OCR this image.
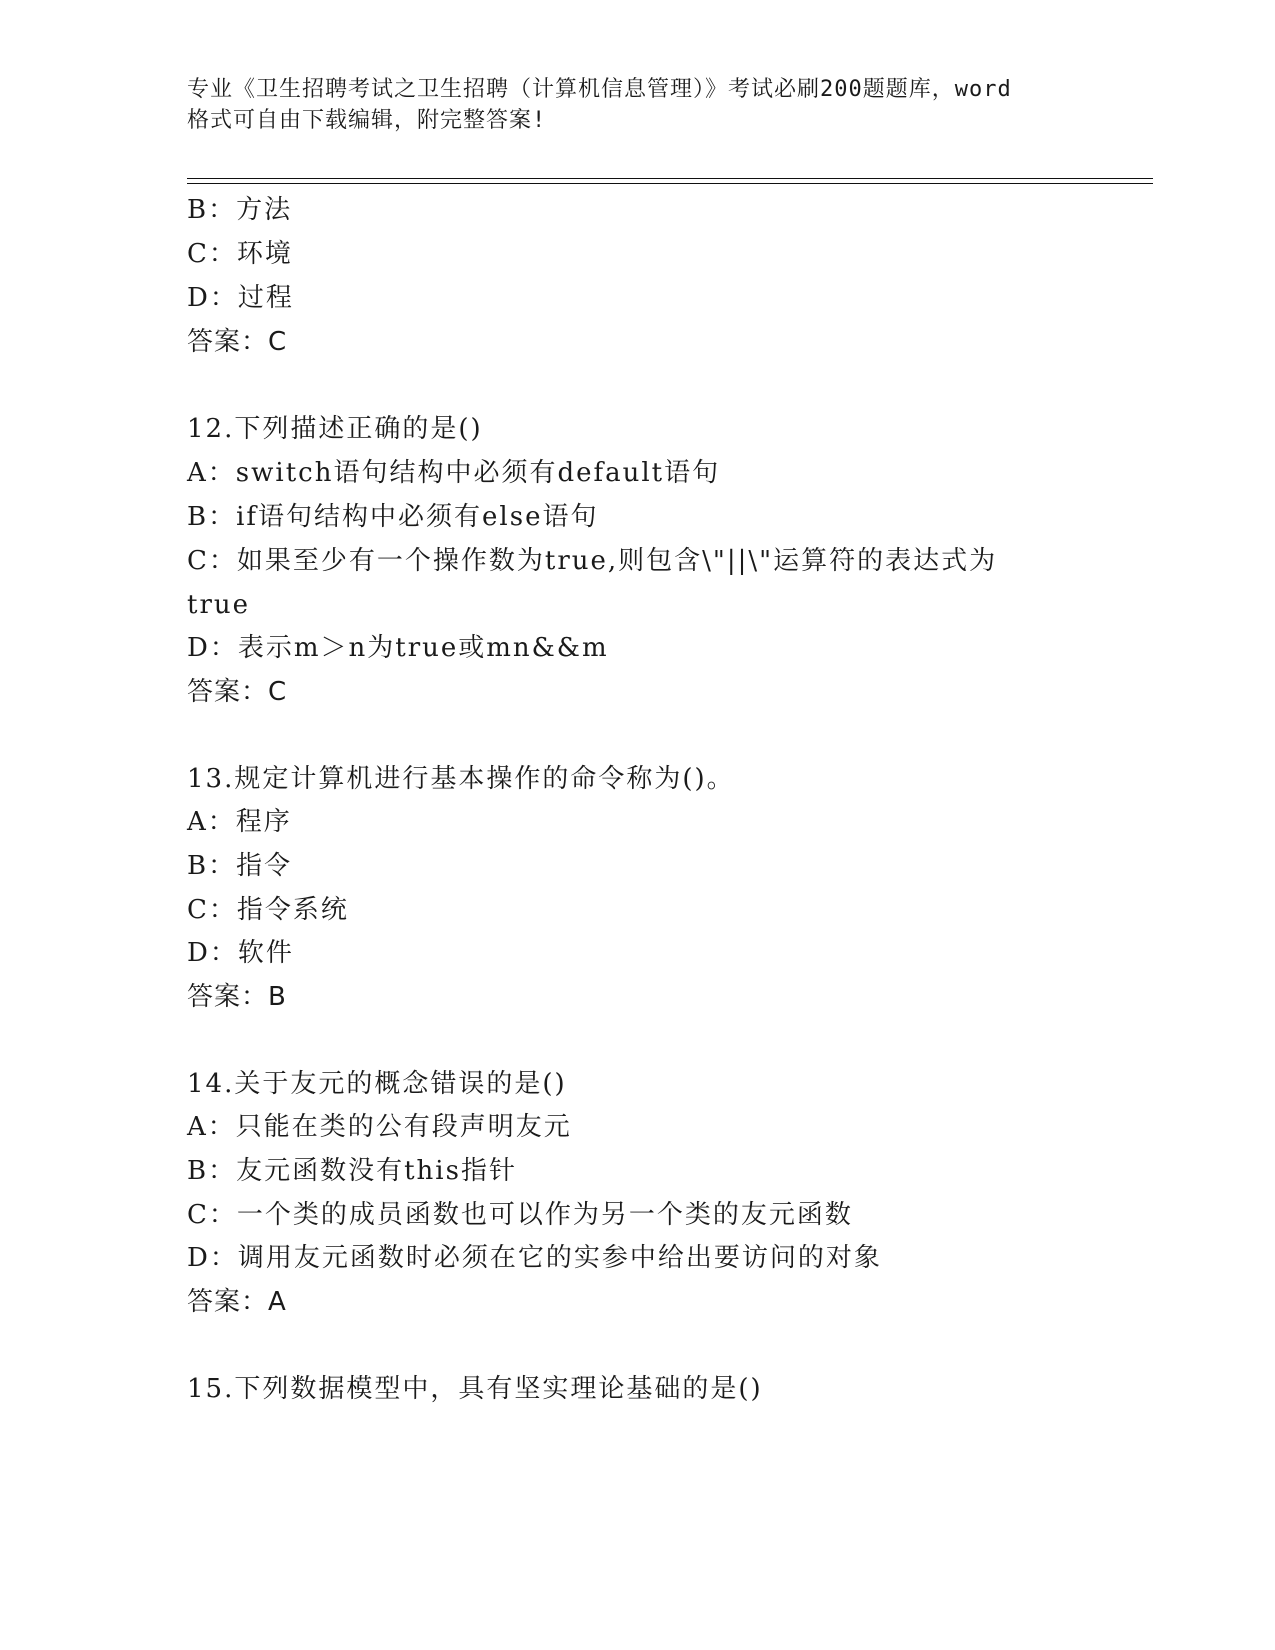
专业《卫生招聘考试之卫生招聘（计算机信息管理）》考试必刷200题题库，word
格式可自由下载编辑，附完整答案!
B：方法
C：环境
D：过程
答案：C
12.下列描述正确的是()
A：switch语句结构中必须有default语句
B：if语句结构中必须有else语句
C：如果至少有一个操作数为true,则包含\"||\"运算符的表达式为
true
D：表示m＞n为true或mn&&m
答案：C
13.规定计算机进行基本操作的命令称为()。
A：程序
B：指令
C：指令系统
D：软件
答案：B
14.关于友元的概念错误的是()
A：只能在类的公有段声明友元
B：友元函数没有this指针
C：一个类的成员函数也可以作为另一个类的友元函数
D：调用友元函数时必须在它的实参中给出要访问的对象
答案：A
15.下列数据模型中，具有坚实理论基础的是()
